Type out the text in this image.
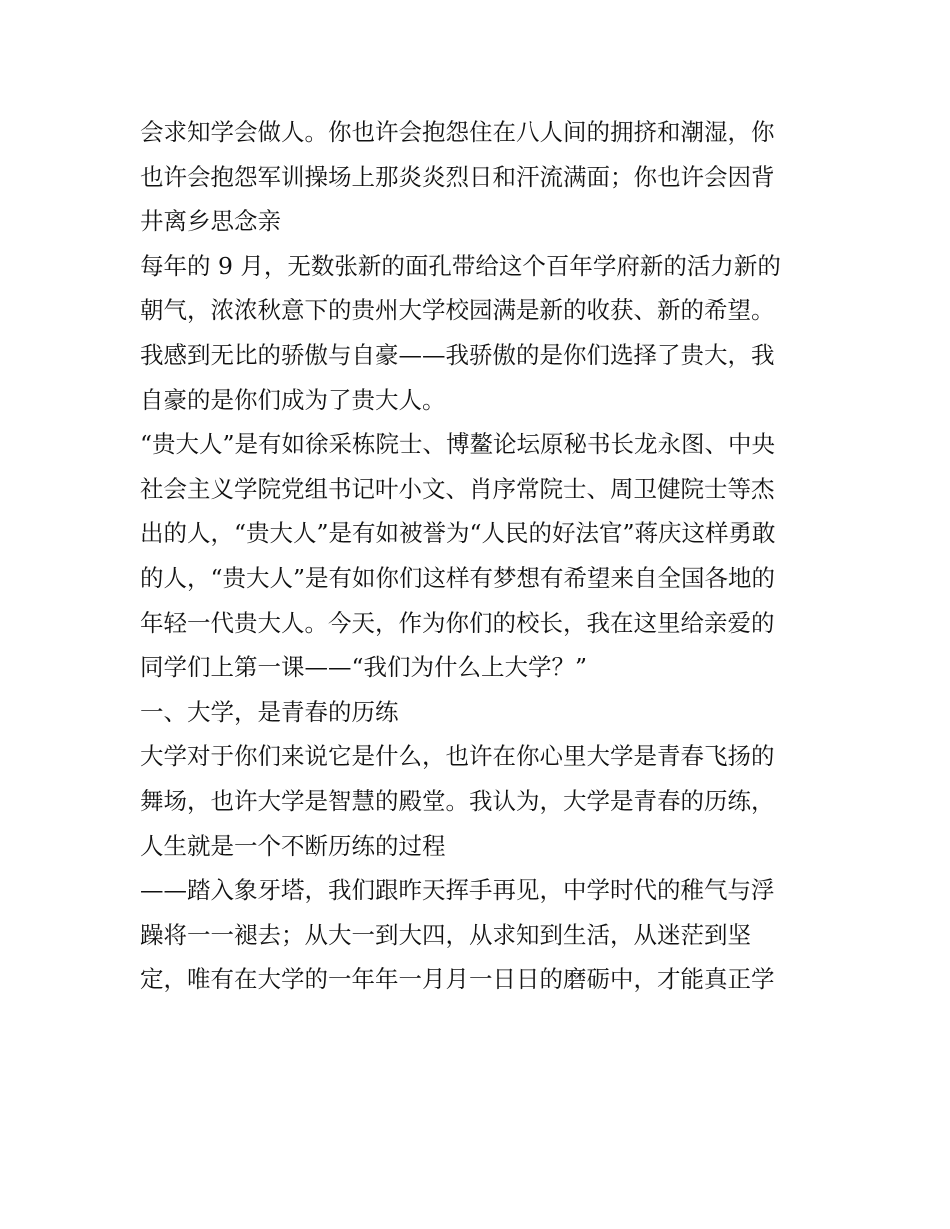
会求知学会做人。你也许会抱怨住在八人间的拥挤和潮湿，你
也许会抱怨军训操场上那炎炎烈日和汗流满面；你也许会因背
井离乡思念亲
每年的 9 月，无数张新的面孔带给这个百年学府新的活力新的
朝气，浓浓秋意下的贵州大学校园满是新的收获、新的希望。
我感到无比的骄傲与自豪——我骄傲的是你们选择了贵大，我
自豪的是你们成为了贵大人。
“贵大人”是有如徐采栋院士、博鳌论坛原秘书长龙永图、中央
社会主义学院党组书记叶小文、肖序常院士、周卫健院士等杰
出的人，“贵大人”是有如被誉为“人民的好法官”蒋庆这样勇敢
的人，“贵大人”是有如你们这样有梦想有希望来自全国各地的
年轻一代贵大人。今天，作为你们的校长，我在这里给亲爱的
同学们上第一课——“我们为什么上大学？”
一、大学，是青春的历练
大学对于你们来说它是什么，也许在你心里大学是青春飞扬的
舞场，也许大学是智慧的殿堂。我认为，大学是青春的历练，
人生就是一个不断历练的过程
——踏入象牙塔，我们跟昨天挥手再见，中学时代的稚气与浮
躁将一一褪去；从大一到大四，从求知到生活，从迷茫到坚
定，唯有在大学的一年年一月月一日日的磨砺中，才能真正学
